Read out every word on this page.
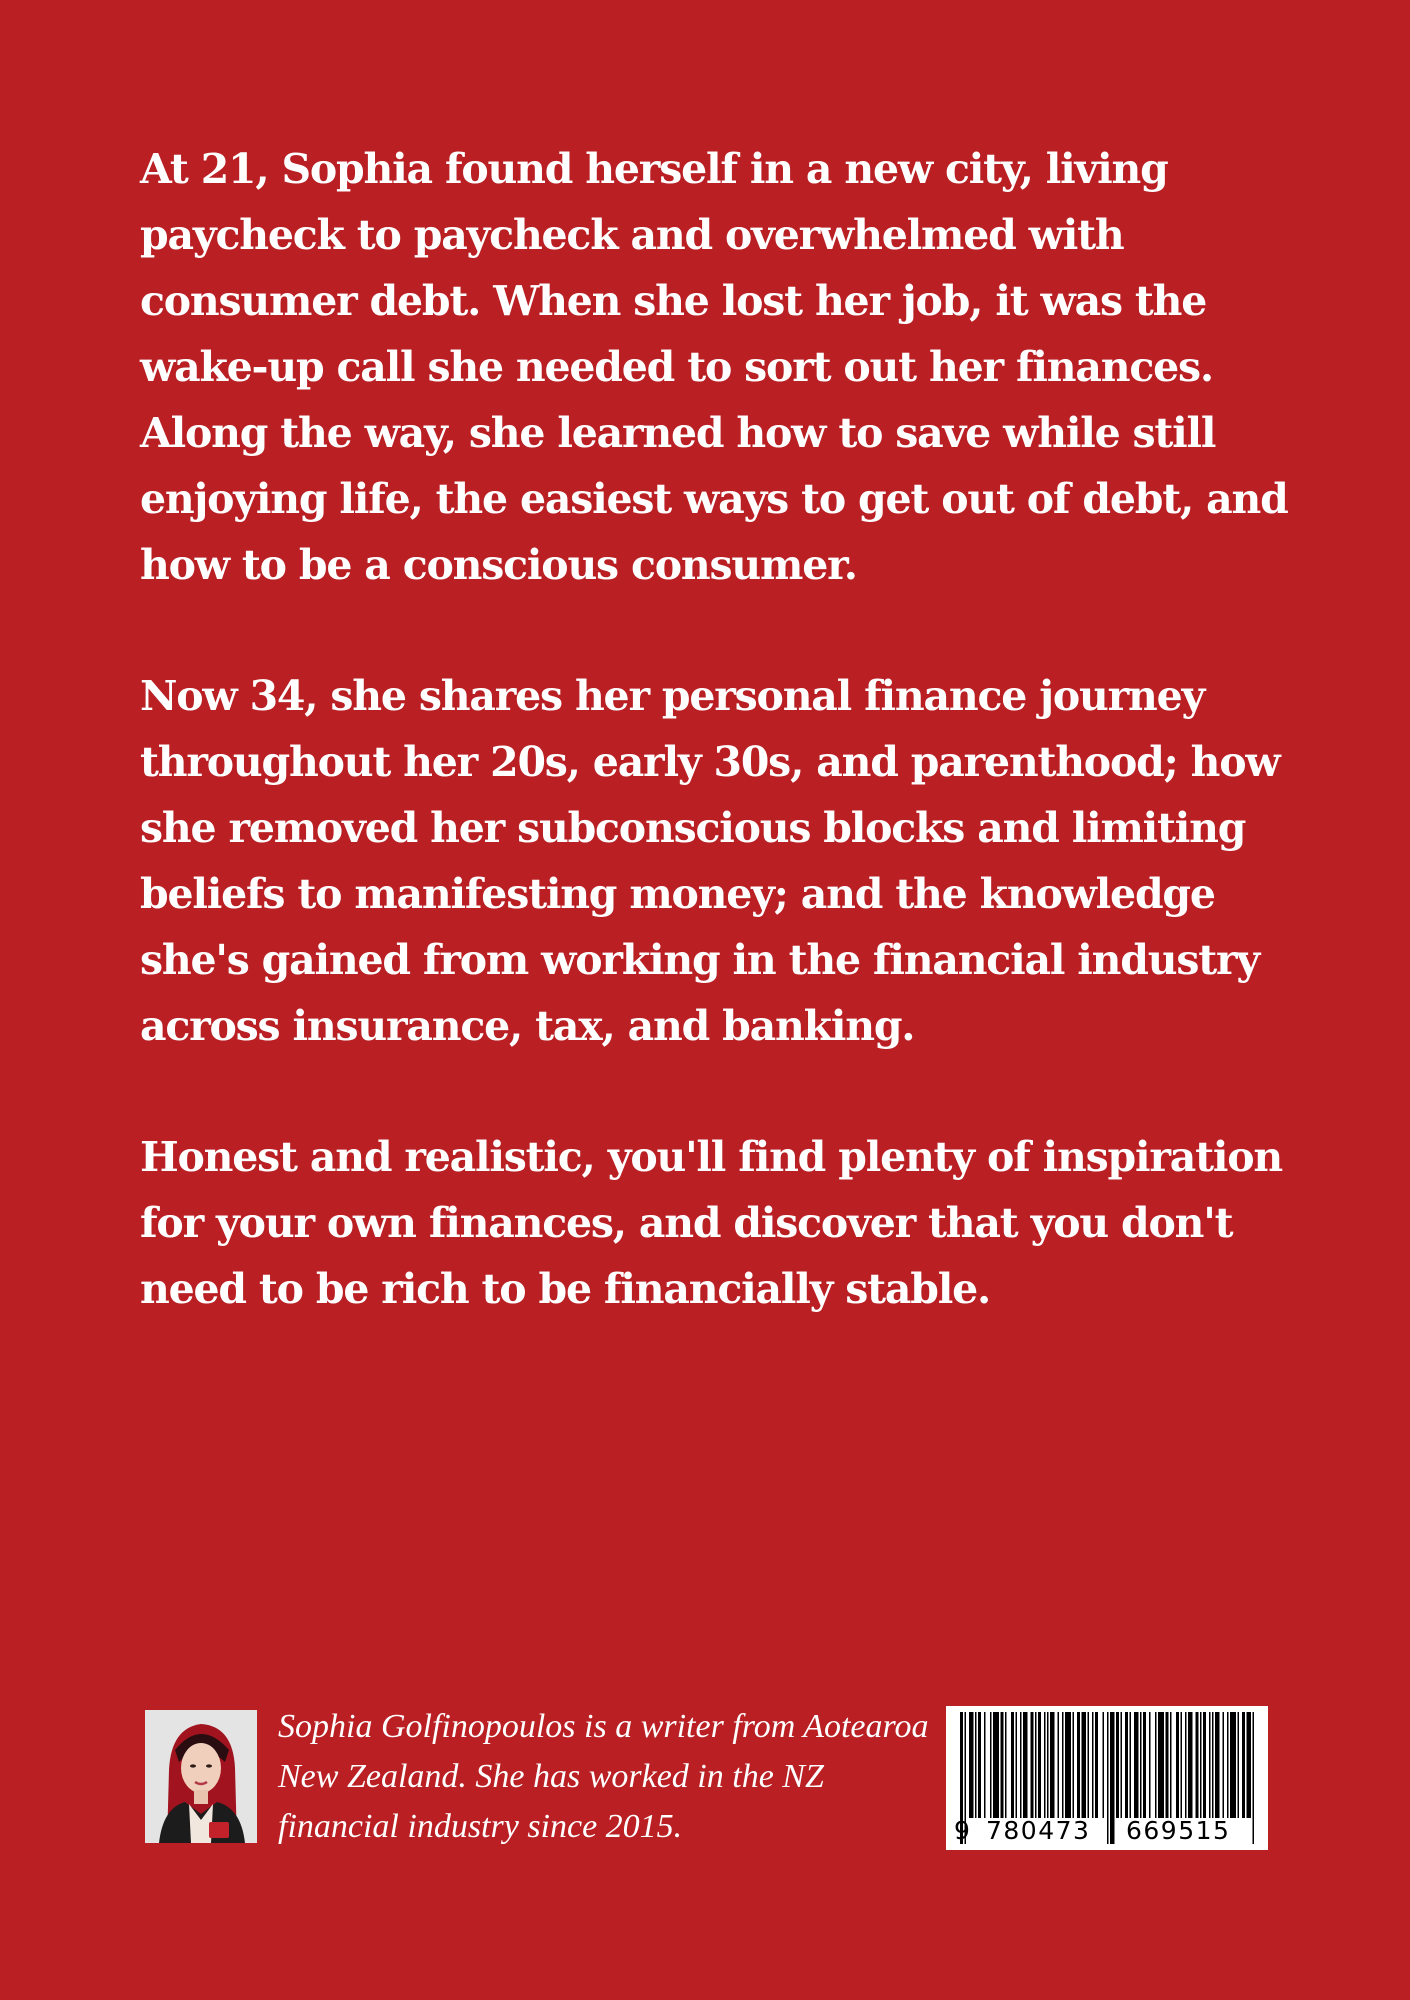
At 21, Sophia found herself in a new city, living paycheck to paycheck and overwhelmed with consumer debt. When she lost her job, it was the wake-up call she needed to sort out her finances. Along the way, she learned how to save while still enjoying life, the easiest ways to get out of debt, and how to be a conscious consumer.

Now 34, she shares her personal finance journey throughout her 20s, early 30s, and parenthood; how she removed her subconscious blocks and limiting beliefs to manifesting money; and the knowledge she's gained from working in the financial industry across insurance, tax, and banking.

Honest and realistic, you'll find plenty of inspiration for your own finances, and discover that you don't need to be rich to be financially stable.

Sophia Golfinopoulos is a writer from Aotearoa New Zealand. She has worked in the NZ financial industry since 2015.	9 780473	669515
